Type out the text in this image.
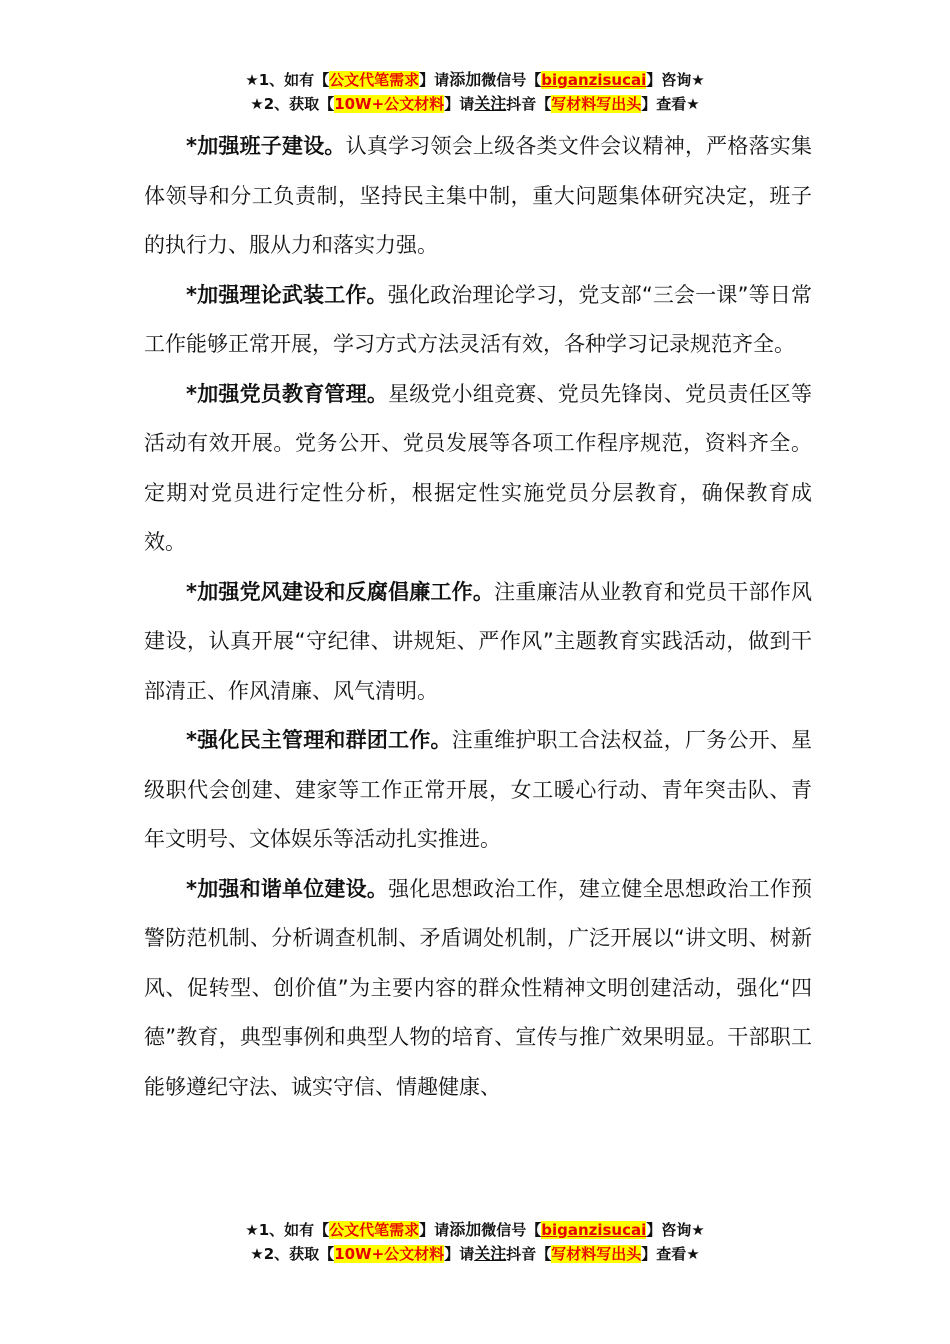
★1、如有【公文代笔需求】请添加微信号【biganzisucai】咨询★
★2、获取【10W+公文材料】请关注抖音【写材料写出头】查看★

*加强班子建设。认真学习领会上级各类文件会议精神，严格落实集体领导和分工负责制，坚持民主集中制，重大问题集体研究决定，班子的执行力、服从力和落实力强。

*加强理论武装工作。强化政治理论学习，党支部“三会一课”等日常工作能够正常开展，学习方式方法灵活有效，各种学习记录规范齐全。

*加强党员教育管理。星级党小组竞赛、党员先锋岗、党员责任区等活动有效开展。党务公开、党员发展等各项工作程序规范，资料齐全。定期对党员进行定性分析，根据定性实施党员分层教育，确保教育成效。

*加强党风建设和反腐倡廉工作。注重廉洁从业教育和党员干部作风建设，认真开展“守纪律、讲规矩、严作风”主题教育实践活动，做到干部清正、作风清廉、风气清明。

*强化民主管理和群团工作。注重维护职工合法权益，厂务公开、星级职代会创建、建家等工作正常开展，女工暖心行动、青年突击队、青年文明号、文体娱乐等活动扎实推进。

*加强和谐单位建设。强化思想政治工作，建立健全思想政治工作预警防范机制、分析调查机制、矛盾调处机制，广泛开展以“讲文明、树新风、促转型、创价值”为主要内容的群众性精神文明创建活动，强化“四德”教育，典型事例和典型人物的培育、宣传与推广效果明显。干部职工能够遵纪守法、诚实守信、情趣健康、

★1、如有【公文代笔需求】请添加微信号【biganzisucai】咨询★
★2、获取【10W+公文材料】请关注抖音【写材料写出头】查看★
